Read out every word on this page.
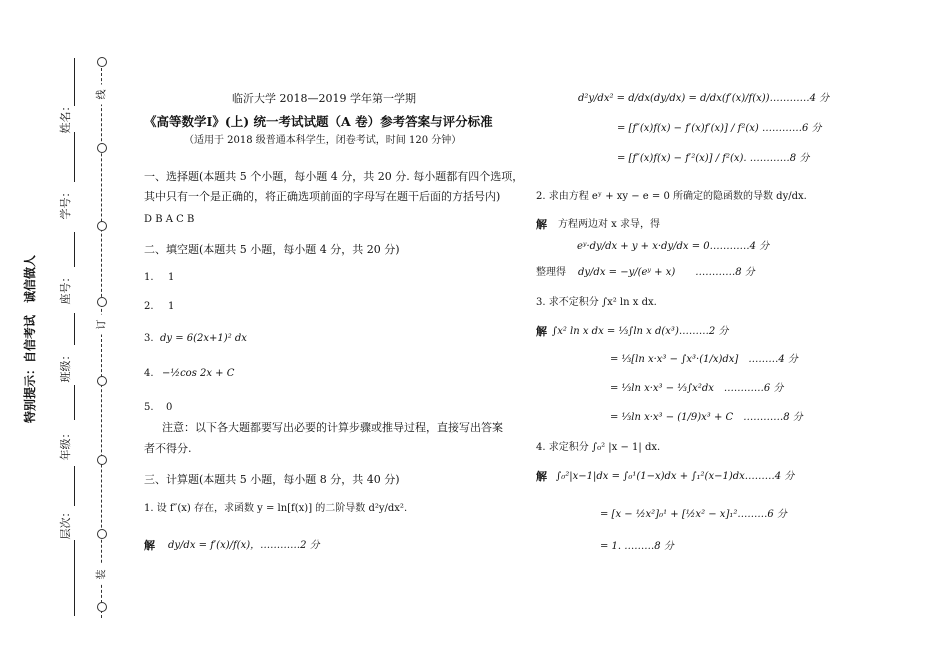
线
订
装
姓名：
学号：
座号：
班级：
年级：
层次：
特别提示：自信考试　诚信做人
临沂大学 2018—2019 学年第一学期
《高等数学Ⅰ》(上) 统一考试试题（A 卷）参考答案与评分标准
（适用于 2018 级普通本科学生，闭卷考试，时间 120 分钟）
一、选择题(本题共 5 个小题，每小题 4 分，共 20 分. 每小题都有四个选项，
其中只有一个是正确的，将正确选项前面的字母写在题干后面的方括号内)
D B A C B
二、填空题(本题共 5 小题，每小题 4 分，共 20 分)
1. 1
2. 1
3. dy = 6(2x+1)² dx
4. −½cos 2x + C
5. 0
注意：以下各大题都要写出必要的计算步骤或推导过程，直接写出答案
者不得分.
三、计算题(本题共 5 小题，每小题 8 分，共 40 分)
1. 设 f″(x) 存在，求函数 y = ln[f(x)] 的二阶导数 d²y/dx².
解 dy/dx = f′(x)/f(x)，…………2 分
d²y/dx² = d/dx(dy/dx) = d/dx(f′(x)/f(x))…………4 分
= [f″(x)f(x) − f′(x)f′(x)] / f²(x) …………6 分
= [f″(x)f(x) − f′²(x)] / f²(x). …………8 分
2. 求由方程 eʸ + xy − e = 0 所确定的隐函数的导数 dy/dx.
解 方程两边对 x 求导，得
eʸ·dy/dx + y + x·dy/dx = 0…………4 分
整理得 dy/dx = −y/(eʸ + x)　　…………8 分
3. 求不定积分 ∫x² ln x dx.
解 ∫x² ln x dx = ⅓∫ln x d(x³)………2 分
= ⅓[ln x·x³ − ∫x³·(1/x)dx]　………4 分
= ⅓ln x·x³ − ⅓∫x²dx　…………6 分
= ⅓ln x·x³ − (1/9)x³ + C　…………8 分
4. 求定积分 ∫₀² |x − 1| dx.
解 ∫₀²|x−1|dx = ∫₀¹(1−x)dx + ∫₁²(x−1)dx………4 分
= [x − ½x²]₀¹ + [½x² − x]₁²………6 分
= 1. ………8 分
